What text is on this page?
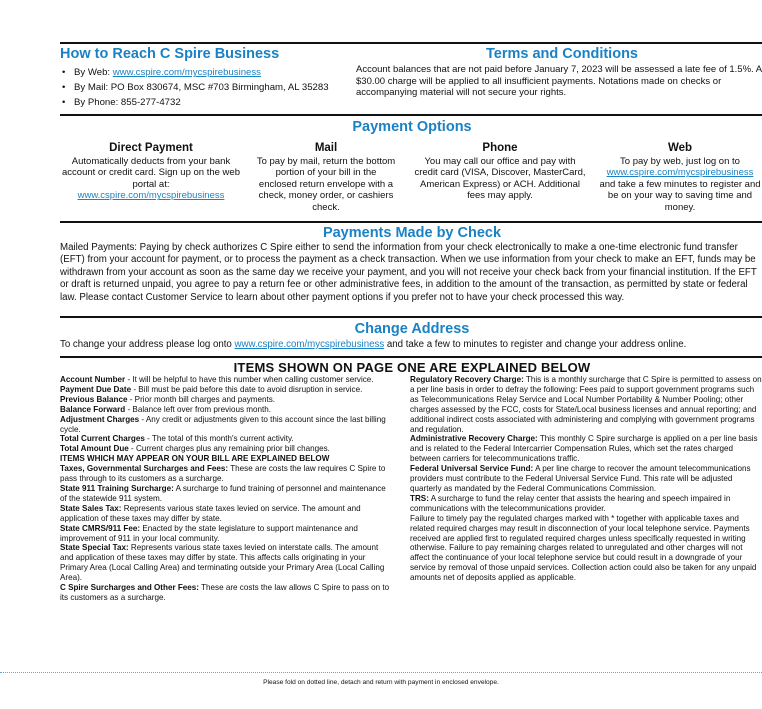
How to Reach C Spire Business
• By Web: www.cspire.com/mycspirebusiness
• By Mail: PO Box 830674, MSC #703 Birmingham, AL 35283
• By Phone: 855-277-4732
Terms and Conditions

Account balances that are not paid before January 7, 2023 will be assessed a late fee of 1.5%. A $30.00 charge will be applied to all insufficient payments. Notations made on checks or accompanying material will not secure your rights.

Payment Options
Direct Payment
Automatically deducts from your bank account or credit card. Sign up on the web portal at:
www.cspire.com/mycspirebusiness
Mail
To pay by mail, return the bottom portion of your bill in the enclosed return envelope with a check, money order, or cashiers check.
Phone
You may call our office and pay with credit card (VISA, Discover, MasterCard, American Express) or ACH. Additional fees may apply.
Web
To pay by web, just log on to
www.cspire.com/mycspirebusiness
and take a few minutes to register and be on your way to saving time and money.
Payments Made by Check

Mailed Payments: Paying by check authorizes C Spire either to send the information from your check electronically to make a one-time electronic fund transfer (EFT) from your account for payment, or to process the payment as a check transaction. When we use information from your check to make an EFT, funds may be withdrawn from your account as soon as the same day we receive your payment, and you will not receive your check back from your financial institution. If the EFT or draft is returned unpaid, you agree to pay a return fee or other administrative fees, in addition to the amount of the transaction, as permitted by state or federal law. Please contact Customer Service to learn about other payment options if you prefer not to have your check processed this way.

Change Address

To change your address please log onto www.cspire.com/mycspirebusiness and take a few to minutes to register and change your address online.

ITEMS SHOWN ON PAGE ONE ARE EXPLAINED BELOW

Account Number - It will be helpful to have this number when calling customer service.

Payment Due Date - Bill must be paid before this date to avoid disruption in service.

Previous Balance - Prior month bill charges and payments.

Balance Forward - Balance left over from previous month.

Adjustment Charges - Any credit or adjustments given to this account since the last billing cycle.

Total Current Charges - The total of this month's current activity.

Total Amount Due - Current charges plus any remaining prior bill changes.

ITEMS WHICH MAY APPEAR ON YOUR BILL ARE EXPLAINED BELOW

Taxes, Governmental Surcharges and Fees: These are costs the law requires C Spire to pass through to its customers as a surcharge.

State 911 Training Surcharge: A surcharge to fund training of personnel and maintenance of the statewide 911 system.

State Sales Tax: Represents various state taxes levied on service. The amount and application of these taxes may differ by state.

State CMRS/911 Fee: Enacted by the state legislature to support maintenance and improvement of 911 in your local community.

State Special Tax: Represents various state taxes levied on interstate calls. The amount and application of these taxes may differ by state. This affects calls originating in your Primary Area (Local Calling Area) and terminating outside your Primary Area (Local Calling Area).

C Spire Surcharges and Other Fees: These are costs the law allows C Spire to pass on to its customers as a surcharge.

Regulatory Recovery Charge: This is a monthly surcharge that C Spire is permitted to assess on a per line basis in order to defray the following: Fees paid to support government programs such as Telecommunications Relay Service and Local Number Portability & Number Pooling; other charges assessed by the FCC, costs for State/Local business licenses and annual reporting; and additional indirect costs associated with administering and complying with government programs and regulation.

Administrative Recovery Charge: This monthly C Spire surcharge is applied on a per line basis and is related to the Federal Intercarrier Compensation Rules, which set the rates charged between carriers for telecommunications traffic.

Federal Universal Service Fund: A per line charge to recover the amount telecommunications providers must contribute to the Federal Universal Service Fund. This rate will be adjusted quarterly as mandated by the Federal Communications Commission.

TRS: A surcharge to fund the relay center that assists the hearing and speech impaired in communications with the telecommunications provider.

Failure to timely pay the regulated charges marked with * together with applicable taxes and related required charges may result in disconnection of your local telephone service. Payments received are applied first to regulated required charges unless specifically requested in writing otherwise. Failure to pay remaining charges related to unregulated and other charges will not affect the continuance of your local telephone service but could result in a downgrade of your service by removal of those unpaid services. Collection action could also be taken for any unpaid amounts net of deposits applied as applicable.

Please fold on dotted line, detach and return with payment in enclosed envelope.
